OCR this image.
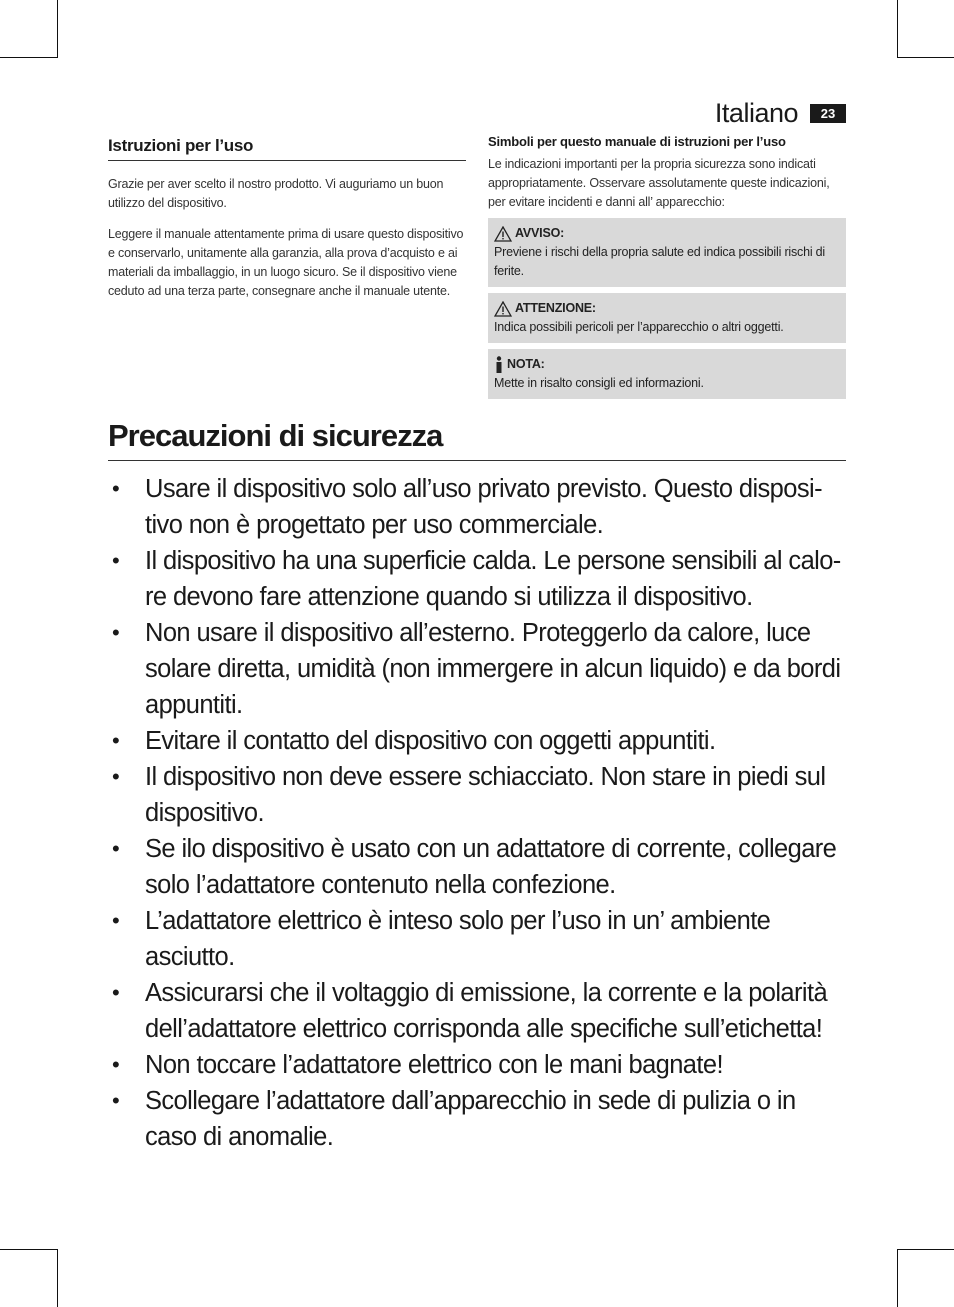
Italiano	23
Istruzioni per l’uso

Grazie per aver scelto il nostro prodotto. Vi auguriamo un buon utilizzo del dispositivo.

Leggere il manuale attentamente prima di usare questo dispositivo e conservarlo, unitamente alla garanzia, alla prova d’acquisto e ai materiali da imballaggio, in un luogo sicuro. Se il dispositivo viene ceduto ad una terza parte, consegnare anche il manuale utente.

Simboli per questo manuale di istruzioni per l’uso

Le indicazioni importanti per la propria sicurezza sono indicati appropriatamente. Osservare assolutamente queste indicazioni, per evitare incidenti e danni all’ apparecchio:

AVVISO:
Previene i rischi della propria salute ed indica possibili rischi di ferite.
ATTENZIONE:
Indica possibili pericoli per l’apparecchio o altri oggetti.
NOTA:
Mette in risalto consigli ed informazioni.
Precauzioni di sicurezza
• Usare il dispositivo solo all’uso privato previsto. Questo dispositivo non è progettato per uso commerciale.
• Il dispositivo ha una superficie calda. Le persone sensibili al calore devono fare attenzione quando si utilizza il dispositivo.
• Non usare il dispositivo all’esterno. Proteggerlo da calore, luce solare diretta, umidità (non immergere in alcun liquido) e da bordi appuntiti.
• Evitare il contatto del dispositivo con oggetti appuntiti.
• Il dispositivo non deve essere schiacciato. Non stare in piedi sul dispositivo.
• Se ilo dispositivo è usato con un adattatore di corrente, collegare solo l’adattatore contenuto nella confezione.
• L’adattatore elettrico è inteso solo per l’uso in un’ ambiente asciutto.
• Assicurarsi che il voltaggio di emissione, la corrente e la polarità dell’adattatore elettrico corrisponda alle specifiche sull’etichetta!
• Non toccare l’adattatore elettrico con le mani bagnate!
• Scollegare l’adattatore dall’apparecchio in sede di pulizia o in caso di anomalie.
